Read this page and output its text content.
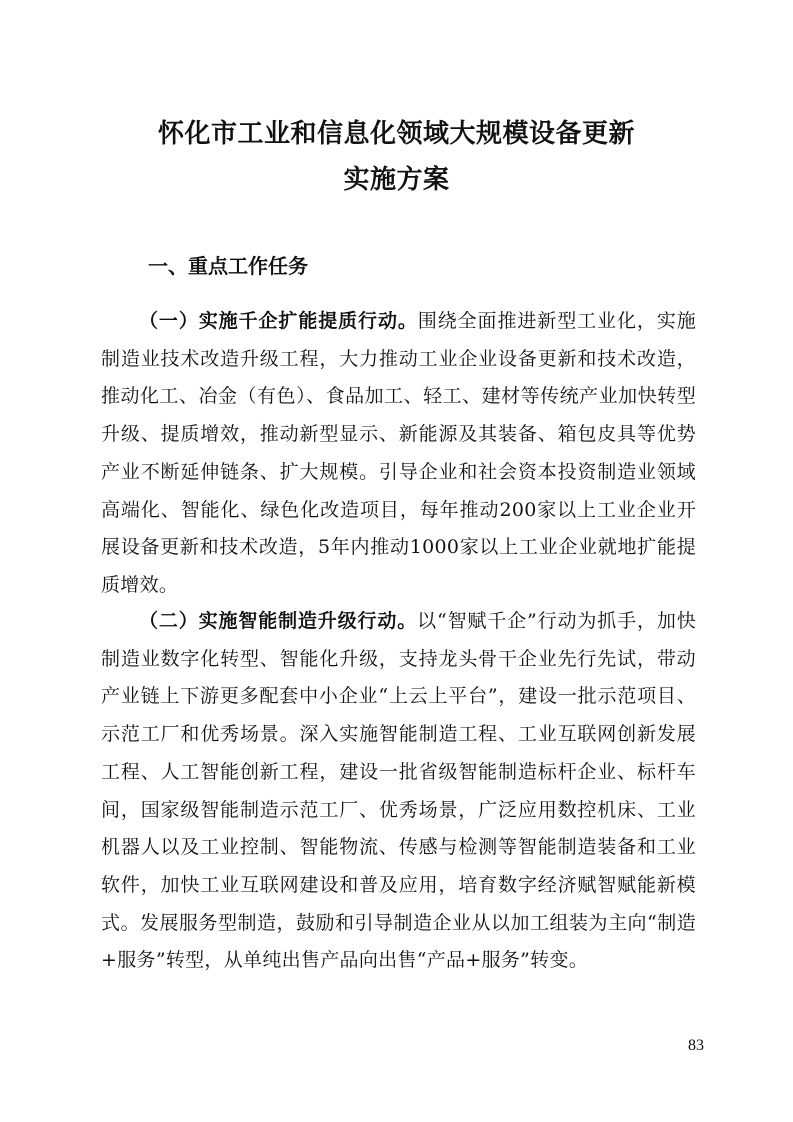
怀化市工业和信息化领域大规模设备更新
实施方案
一、重点工作任务

（一）实施千企扩能提质行动。围绕全面推进新型工业化，实施制造业技术改造升级工程，大力推动工业企业设备更新和技术改造，推动化工、冶金（有色）、食品加工、轻工、建材等传统产业加快转型升级、提质增效，推动新型显示、新能源及其装备、箱包皮具等优势产业不断延伸链条、扩大规模。引导企业和社会资本投资制造业领域高端化、智能化、绿色化改造项目，每年推动200家以上工业企业开展设备更新和技术改造，5年内推动1000家以上工业企业就地扩能提质增效。

（二）实施智能制造升级行动。以“智赋千企”行动为抓手，加快制造业数字化转型、智能化升级，支持龙头骨干企业先行先试，带动产业链上下游更多配套中小企业“上云上平台”，建设一批示范项目、示范工厂和优秀场景。深入实施智能制造工程、工业互联网创新发展工程、人工智能创新工程，建设一批省级智能制造标杆企业、标杆车间，国家级智能制造示范工厂、优秀场景，广泛应用数控机床、工业机器人以及工业控制、智能物流、传感与检测等智能制造装备和工业软件，加快工业互联网建设和普及应用，培育数字经济赋智赋能新模式。发展服务型制造，鼓励和引导制造企业从以加工组装为主向“制造+服务”转型，从单纯出售产品向出售“产品+服务”转变。

83
